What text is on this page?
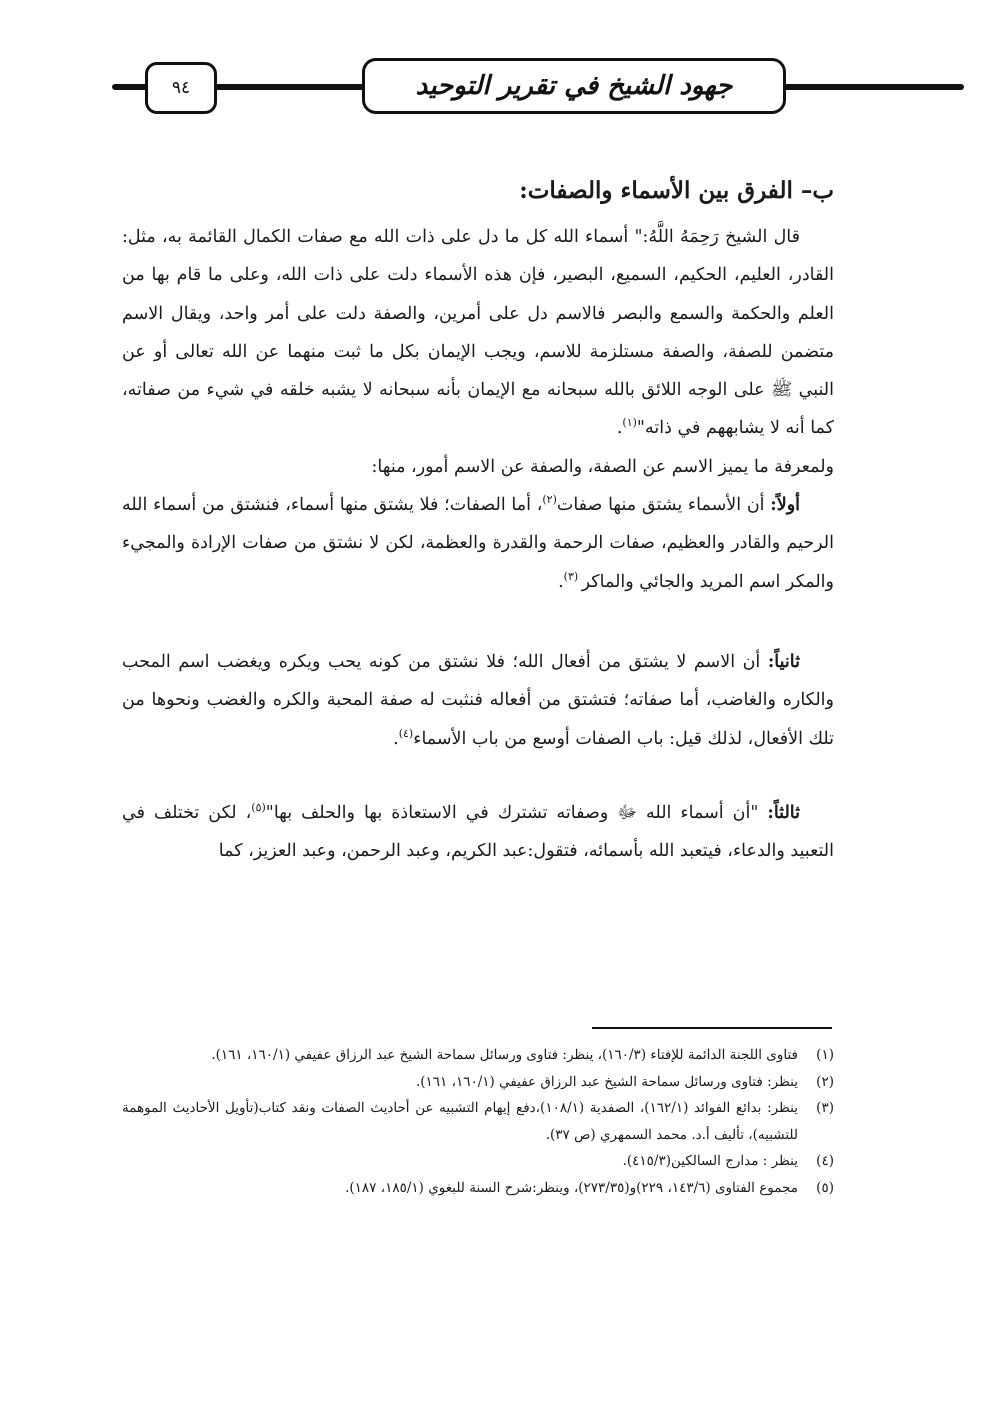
٩٤	جهود الشيخ في تقرير التوحيد
ب– الفرق بين الأسماء والصفات:

قال الشيخ رَحِمَهُ اللَّهُ:" أسماء الله كل ما دل على ذات الله مع صفات الكمال القائمة به، مثل: القادر، العليم، الحكيم، السميع، البصير، فإن هذه الأسماء دلت على ذات الله، وعلى ما قام بها من العلم والحكمة والسمع والبصر فالاسم دل على أمرين، والصفة دلت على أمر واحد، ويقال الاسم متضمن للصفة، والصفة مستلزمة للاسم، ويجب الإيمان بكل ما ثبت منهما عن الله تعالى أو عن النبي ﷺ على الوجه اللائق بالله سبحانه مع الإيمان بأنه سبحانه لا يشبه خلقه في شيء من صفاته، كما أنه لا يشابههم في ذاته"$^{(١)}$.

ولمعرفة ما يميز الاسم عن الصفة، والصفة عن الاسم أمور، منها:

أولاً: أن الأسماء يشتق منها صفات$^{(٢)}$، أما الصفات؛ فلا يشتق منها أسماء، فنشتق من أسماء الله الرحيم والقادر والعظيم، صفات الرحمة والقدرة والعظمة، لكن لا نشتق من صفات الإرادة والمجيء والمكر اسم المريد والجائي والماكر $^{(٣)}$.

ثانياً: أن الاسم لا يشتق من أفعال الله؛ فلا نشتق من كونه يحب ويكره ويغضب اسم المحب والكاره والغاضب، أما صفاته؛ فتشتق من أفعاله فنثبت له صفة المحبة والكره والغضب ونحوها من تلك الأفعال، لذلك قيل: باب الصفات أوسع من باب الأسماء$^{(٤)}$.

ثالثاً: "أن أسماء الله ﷻ وصفاته تشترك في الاستعاذة بها والحلف بها"$^{(٥)}$، لكن تختلف في التعبيد والدعاء، فيتعبد الله بأسمائه، فتقول:عبد الكريم، وعبد الرحمن، وعبد العزيز، كما

(١)
فتاوى اللجنة الدائمة للإفتاء (١٦٠/٣)، ينظر: فتاوى ورسائل سماحة الشيخ عبد الرزاق عفيفي (١٦٠/١، ١٦١).
(٢)
ينظر: فتاوى ورسائل سماحة الشيخ عبد الرزاق عفيفي (١٦٠/١، ١٦١).
(٣)
ينظر: بدائع الفوائد (١٦٢/١)، الصفدية (١٠٨/١)،دفع إيهام التشبيه عن أحاديث الصفات ونقد كتاب(تأويل الأحاديث الموهمة للتشبيه)، تأليف أ.د. محمد السمهري (ص ٣٧).
(٤)
ينظر : مدارج السالكين(٤١٥/٣).
(٥)
مجموع الفتاوى (١٤٣/٦، ٢٢٩)و(٢٧٣/٣٥)، وينظر:شرح السنة للبغوي (١٨٥/١، ١٨٧).
